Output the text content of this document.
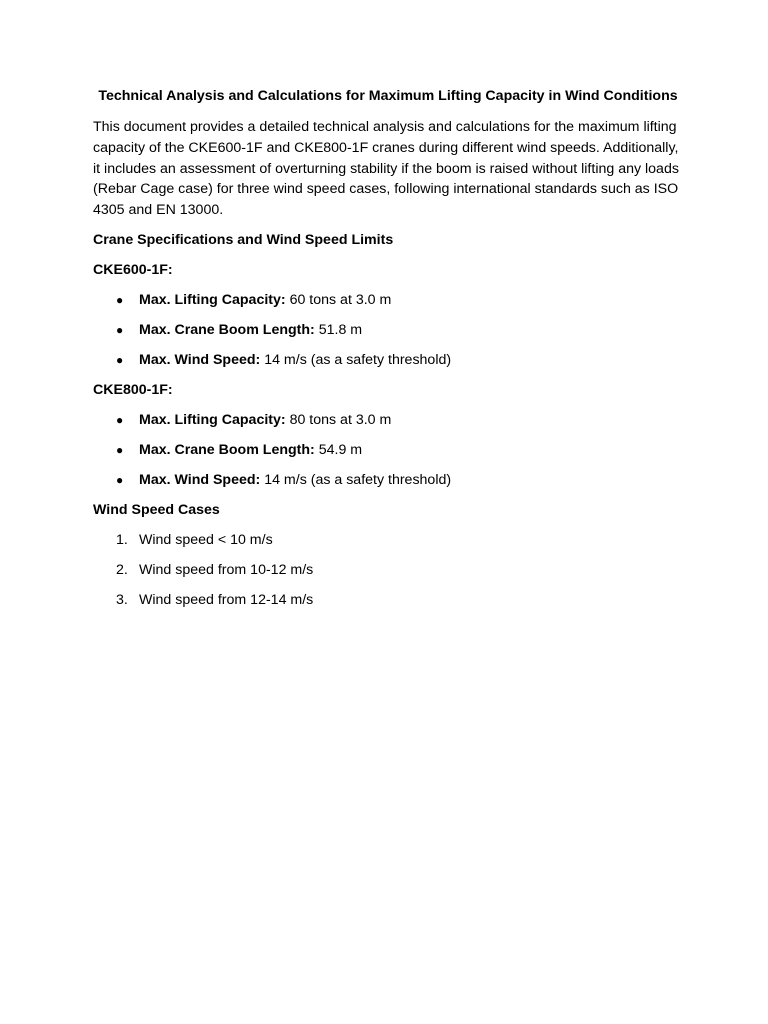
Technical Analysis and Calculations for Maximum Lifting Capacity in Wind Conditions

This document provides a detailed technical analysis and calculations for the maximum lifting capacity of the CKE600-1F and CKE800-1F cranes during different wind speeds. Additionally, it includes an assessment of overturning stability if the boom is raised without lifting any loads (Rebar Cage case) for three wind speed cases, following international standards such as ISO 4305 and EN 13000.

Crane Specifications and Wind Speed Limits
CKE600-1F:
● Max. Lifting Capacity: 60 tons at 3.0 m
● Max. Crane Boom Length: 51.8 m
● Max. Wind Speed: 14 m/s (as a safety threshold)
CKE800-1F:
● Max. Lifting Capacity: 80 tons at 3.0 m
● Max. Crane Boom Length: 54.9 m
● Max. Wind Speed: 14 m/s (as a safety threshold)
Wind Speed Cases
1. Wind speed < 10 m/s
2. Wind speed from 10-12 m/s
3. Wind speed from 12-14 m/s
